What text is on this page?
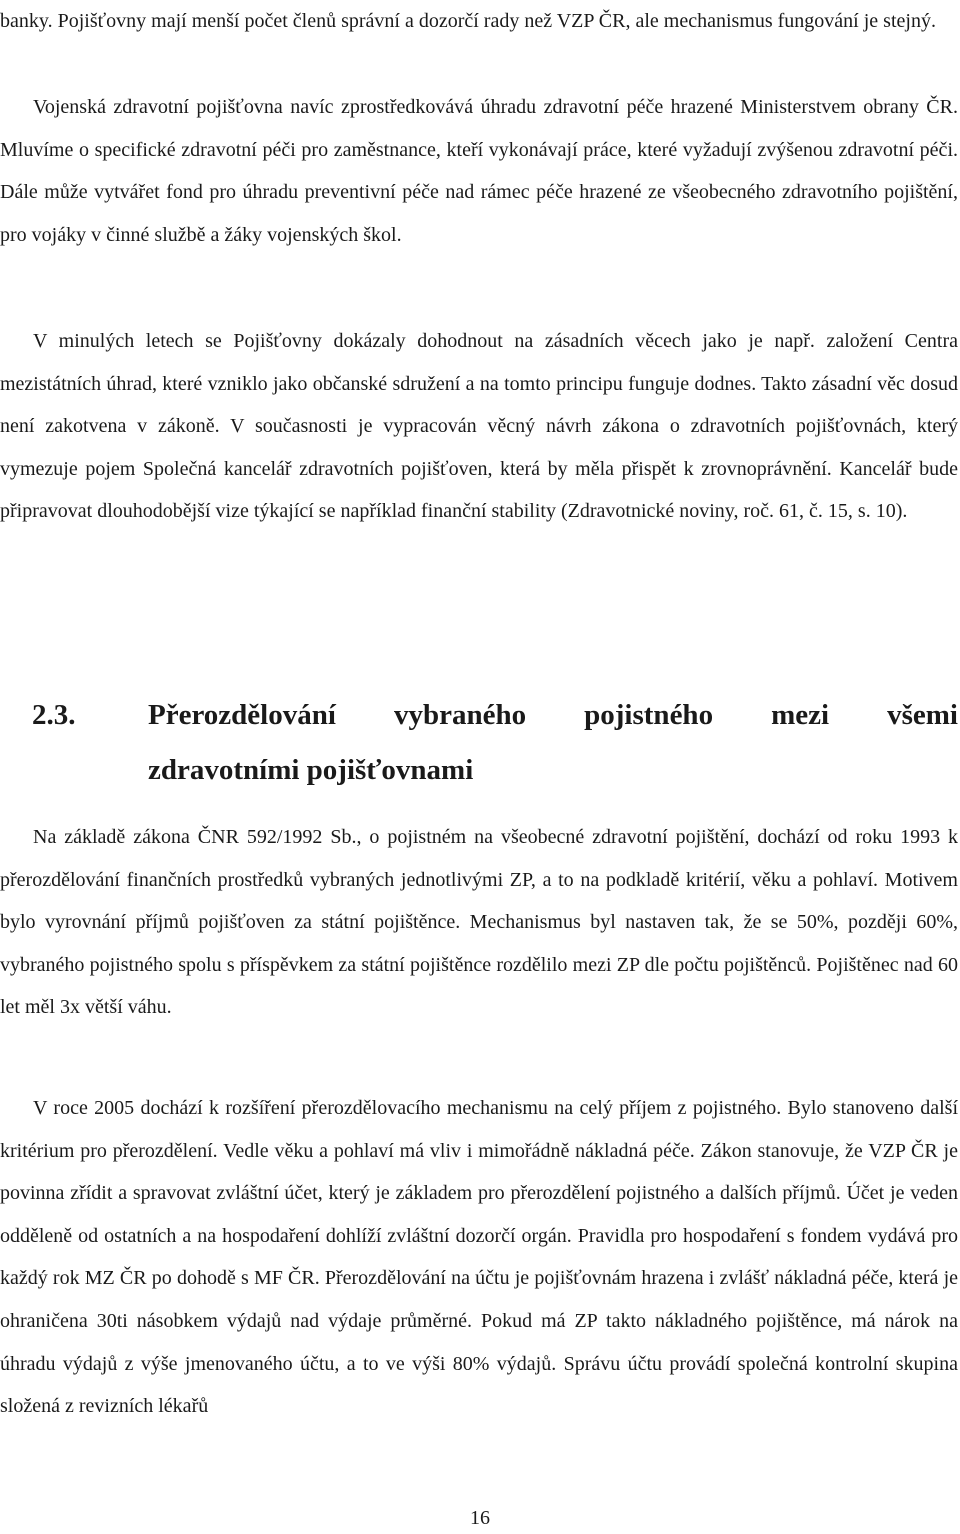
banky. Pojišťovny mají menší počet členů správní a dozorčí rady než VZP ČR, ale mechanismus fungování je stejný.

Vojenská zdravotní pojišťovna navíc zprostředkovává úhradu zdravotní péče hrazené Ministerstvem obrany ČR. Mluvíme o specifické zdravotní péči pro zaměstnance, kteří vykonávají práce, které vyžadují zvýšenou zdravotní péči. Dále může vytvářet fond pro úhradu preventivní péče nad rámec péče hrazené ze všeobecného zdravotního pojištění, pro vojáky v činné službě a žáky vojenských škol.

V minulých letech se Pojišťovny dokázaly dohodnout na zásadních věcech jako je např. založení Centra mezistátních úhrad, které vzniklo jako občanské sdružení a na tomto principu funguje dodnes. Takto zásadní věc dosud není zakotvena v zákoně. V současnosti je vypracován věcný návrh zákona o zdravotních pojišťovnách, který vymezuje pojem Společná kancelář zdravotních pojišťoven, která by měla přispět k zrovnoprávnění. Kancelář bude připravovat dlouhodobější vize týkající se například finanční stability (Zdravotnické noviny, roč. 61, č. 15, s. 10).

2.3.	Přerozdělování vybraného pojistného mezi všemi
zdravotními pojišťovnami

Na základě zákona ČNR 592/1992 Sb., o pojistném na všeobecné zdravotní pojištění, dochází od roku 1993 k přerozdělování finančních prostředků vybraných jednotlivými ZP, a to na podkladě kritérií, věku a pohlaví. Motivem bylo vyrovnání příjmů pojišťoven za státní pojištěnce. Mechanismus byl nastaven tak, že se 50%, později 60%, vybraného pojistného spolu s příspěvkem za státní pojištěnce rozdělilo mezi ZP dle počtu pojištěnců. Pojištěnec nad 60 let měl 3x větší váhu.

V roce 2005 dochází k rozšíření přerozdělovacího mechanismu na celý příjem z pojistného. Bylo stanoveno další kritérium pro přerozdělení. Vedle věku a pohlaví má vliv i mimořádně nákladná péče. Zákon stanovuje, že VZP ČR je povinna zřídit a spravovat zvláštní účet, který je základem pro přerozdělení pojistného a dalších příjmů. Účet je veden odděleně od ostatních a na hospodaření dohlíží zvláštní dozorčí orgán. Pravidla pro hospodaření s fondem vydává pro každý rok MZ ČR po dohodě s MF ČR. Přerozdělování na účtu je pojišťovnám hrazena i zvlášť nákladná péče, která je ohraničena 30ti násobkem výdajů nad výdaje průměrné. Pokud má ZP takto nákladného pojištěnce, má nárok na úhradu výdajů z výše jmenovaného účtu, a to ve výši 80% výdajů. Správu účtu provádí společná kontrolní skupina složená z revizních lékařů

16
